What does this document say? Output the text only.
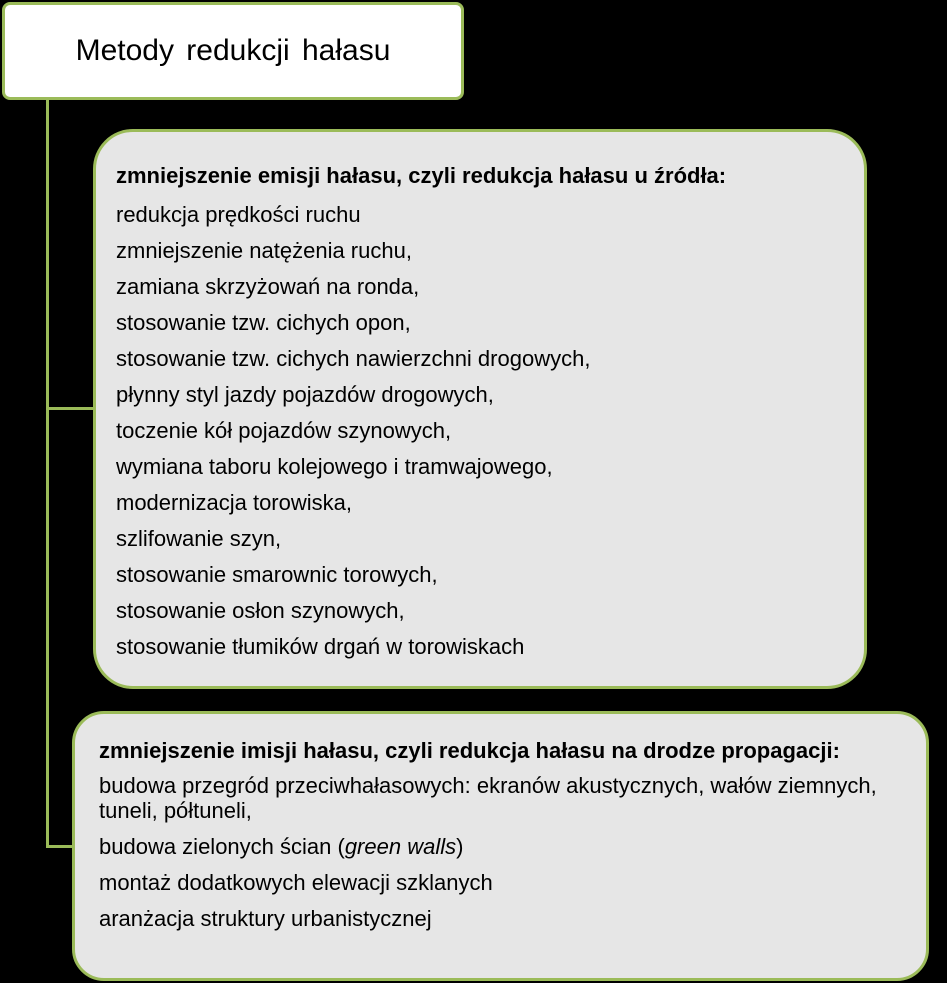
Metody redukcji hałasu

zmniejszenie emisji hałasu, czyli redukcja hałasu u źródła:

redukcja prędkości ruchu
zmniejszenie natężenia ruchu,
zamiana skrzyżowań na ronda,
stosowanie tzw. cichych opon,
stosowanie tzw. cichych nawierzchni drogowych,
płynny styl jazdy pojazdów drogowych,
toczenie kół pojazdów szynowych,
wymiana taboru kolejowego i tramwajowego,
modernizacja torowiska,
szlifowanie szyn,
stosowanie smarownic torowych,
stosowanie osłon szynowych,
stosowanie tłumików drgań w torowiskach

zmniejszenie imisji hałasu, czyli redukcja hałasu na drodze propagacji:

budowa przegród przeciwhałasowych: ekranów akustycznych, wałów ziemnych, tuneli, półtuneli,
budowa zielonych ścian (green walls)
montaż dodatkowych elewacji szklanych
aranżacja struktury urbanistycznej
